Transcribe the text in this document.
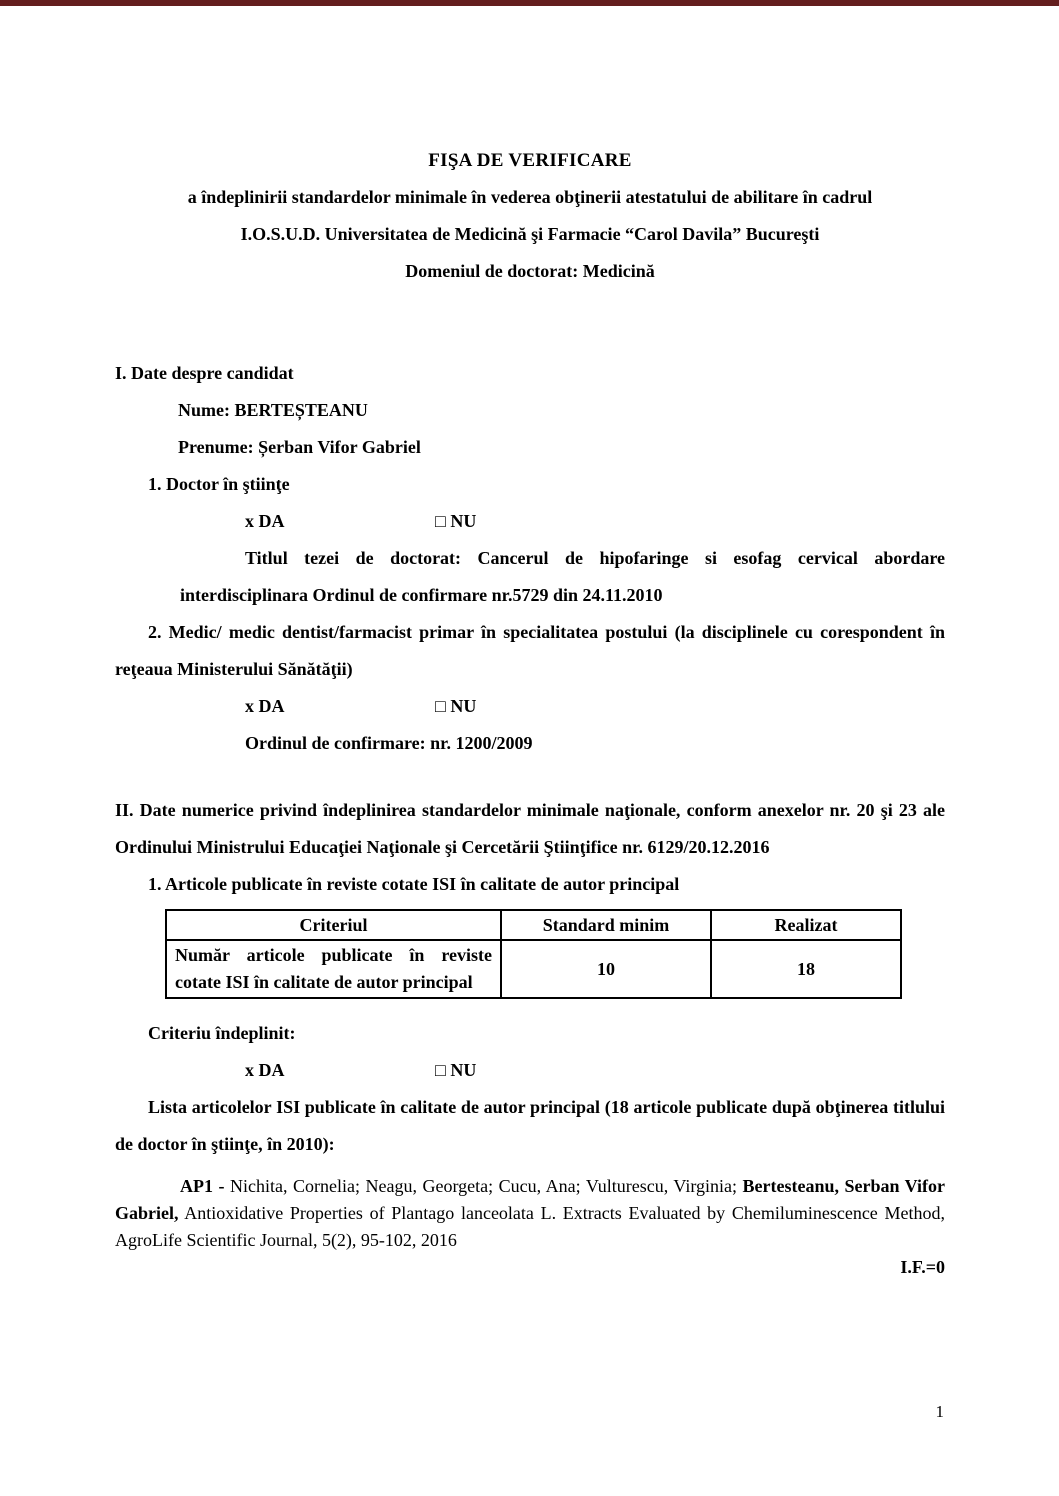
FIŞA DE VERIFICARE

a îndeplinirii standardelor minimale în vederea obţinerii atestatului de abilitare în cadrul

I.O.S.U.D. Universitatea de Medicină şi Farmacie “Carol Davila” Bucureşti

Domeniul de doctorat: Medicină

I. Date despre candidat

Nume: BERTEȘTEANU

Prenume: Șerban Vifor Gabriel

1. Doctor în ştiinţe

x DA	□ NU

Titlul tezei de doctorat: Cancerul de hipofaringe si esofag cervical abordare interdisciplinara Ordinul de confirmare nr.5729 din 24.11.2010

2. Medic/ medic dentist/farmacist primar în specialitatea postului (la disciplinele cu corespondent în reţeaua Ministerului Sănătăţii)

x DA	□ NU

Ordinul de confirmare: nr. 1200/2009

II. Date numerice privind îndeplinirea standardelor minimale naţionale, conform anexelor nr. 20 şi 23 ale Ordinului Ministrului Educaţiei Naţionale şi Cercetării Ştiinţifice nr. 6129/20.12.2016

1. Articole publicate în reviste cotate ISI în calitate de autor principal

Criteriul	Standard minim	Realizat
Număr articole publicate în reviste cotate ISI în calitate de autor principal	10	18

Criteriu îndeplinit:

x DA	□ NU

Lista articolelor ISI publicate în calitate de autor principal (18 articole publicate după obţinerea titlului de doctor în ştiinţe, în 2010):

AP1 - Nichita, Cornelia; Neagu, Georgeta; Cucu, Ana; Vulturescu, Virginia; Bertesteanu, Serban Vifor Gabriel, Antioxidative Properties of Plantago lanceolata L. Extracts Evaluated by Chemiluminescence Method, AgroLife Scientific Journal, 5(2), 95-102, 2016

I.F.=0

1
